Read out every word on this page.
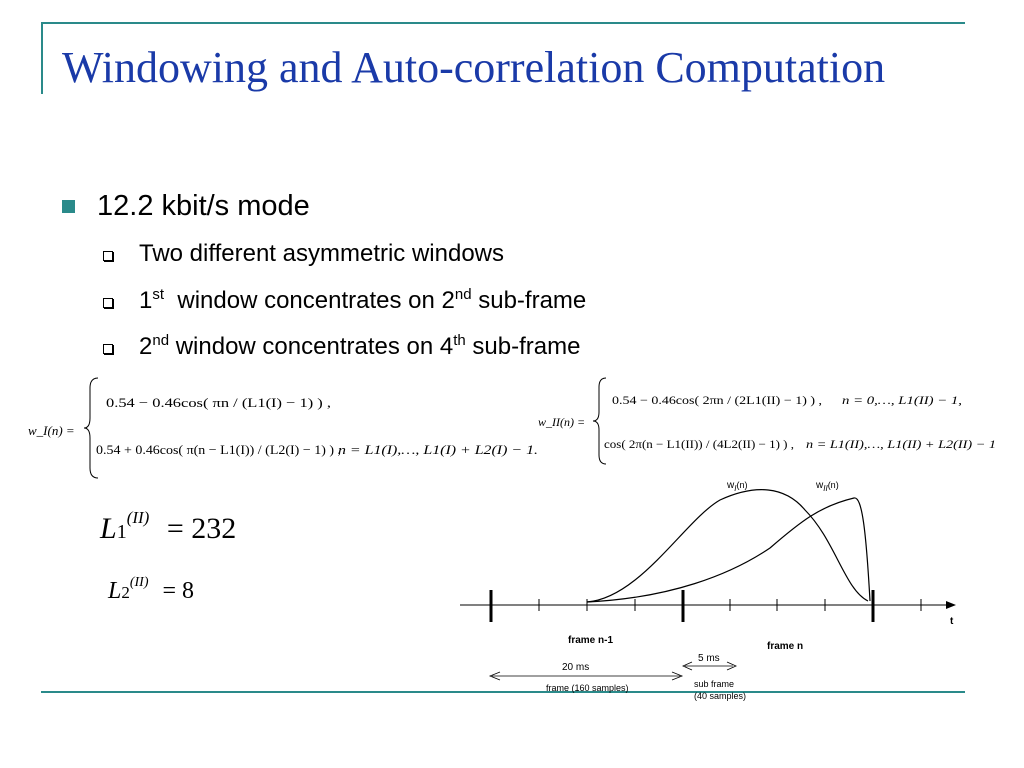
Windowing and Auto-correlation Computation
12.2 kbit/s mode
Two different asymmetric windows
1st  window concentrates on 2nd sub-frame
2nd window concentrates on 4th sub-frame
w_I(n) =
0.54 − 0.46cos( πn / (L1(I) − 1) ) ,
0.54 + 0.46cos( π(n − L1(I)) / (L2(I) − 1) ) ,
n = L1(I),…, L1(I) + L2(I) − 1.
w_II(n) =
0.54 − 0.46cos( 2πn / (2L1(II) − 1) ) , n = 0,…, L1(II) − 1,
cos( 2π(n − L1(II)) / (4L2(II) − 1) ) , n = L1(II),…, L1(II) + L2(II) − 1
$L1^{(II)} = 232$
$L2^{(II)} = 8$
$w_I(n)$	$w_{II}(n)$
t
frame n-1
frame n
20 ms
frame (160 samples)
5 ms
sub frame
(40 samples)
